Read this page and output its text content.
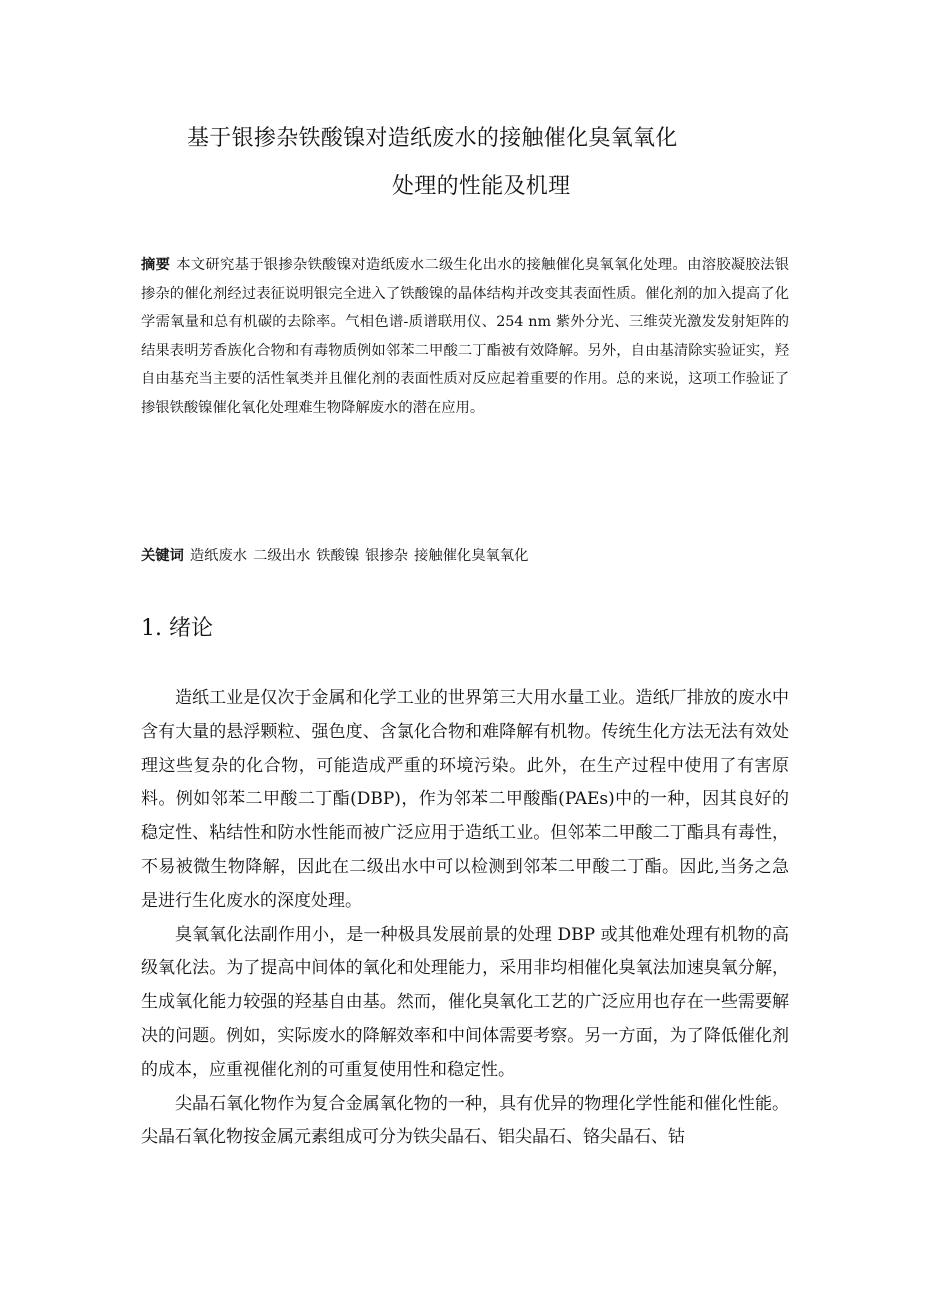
基于银掺杂铁酸镍对造纸废水的接触催化臭氧氧化
处理的性能及机理
摘要 本文研究基于银掺杂铁酸镍对造纸废水二级生化出水的接触催化臭氧氧化处理。由溶胶凝胶法银掺杂的催化剂经过表征说明银完全进入了铁酸镍的晶体结构并改变其表面性质。催化剂的加入提高了化学需氧量和总有机碳的去除率。气相色谱-质谱联用仪、254 nm 紫外分光、三维荧光激发发射矩阵的结果表明芳香族化合物和有毒物质例如邻苯二甲酸二丁酯被有效降解。另外，自由基清除实验证实，羟自由基充当主要的活性氧类并且催化剂的表面性质对反应起着重要的作用。总的来说，这项工作验证了掺银铁酸镍催化氧化处理难生物降解废水的潜在应用。
关键词 造纸废水 二级出水 铁酸镍 银掺杂 接触催化臭氧氧化
1. 绪论

造纸工业是仅次于金属和化学工业的世界第三大用水量工业。造纸厂排放的废水中含有大量的悬浮颗粒、强色度、含氯化合物和难降解有机物。传统生化方法无法有效处理这些复杂的化合物，可能造成严重的环境污染。此外，在生产过程中使用了有害原料。例如邻苯二甲酸二丁酯(DBP)，作为邻苯二甲酸酯(PAEs)中的一种，因其良好的稳定性、粘结性和防水性能而被广泛应用于造纸工业。但邻苯二甲酸二丁酯具有毒性，不易被微生物降解，因此在二级出水中可以检测到邻苯二甲酸二丁酯。因此,当务之急是进行生化废水的深度处理。

臭氧氧化法副作用小，是一种极具发展前景的处理 DBP 或其他难处理有机物的高级氧化法。为了提高中间体的氧化和处理能力，采用非均相催化臭氧法加速臭氧分解，生成氧化能力较强的羟基自由基。然而，催化臭氧化工艺的广泛应用也存在一些需要解决的问题。例如，实际废水的降解效率和中间体需要考察。另一方面，为了降低催化剂的成本，应重视催化剂的可重复使用性和稳定性。

尖晶石氧化物作为复合金属氧化物的一种，具有优异的物理化学性能和催化性能。尖晶石氧化物按金属元素组成可分为铁尖晶石、铝尖晶石、铬尖晶石、钴
